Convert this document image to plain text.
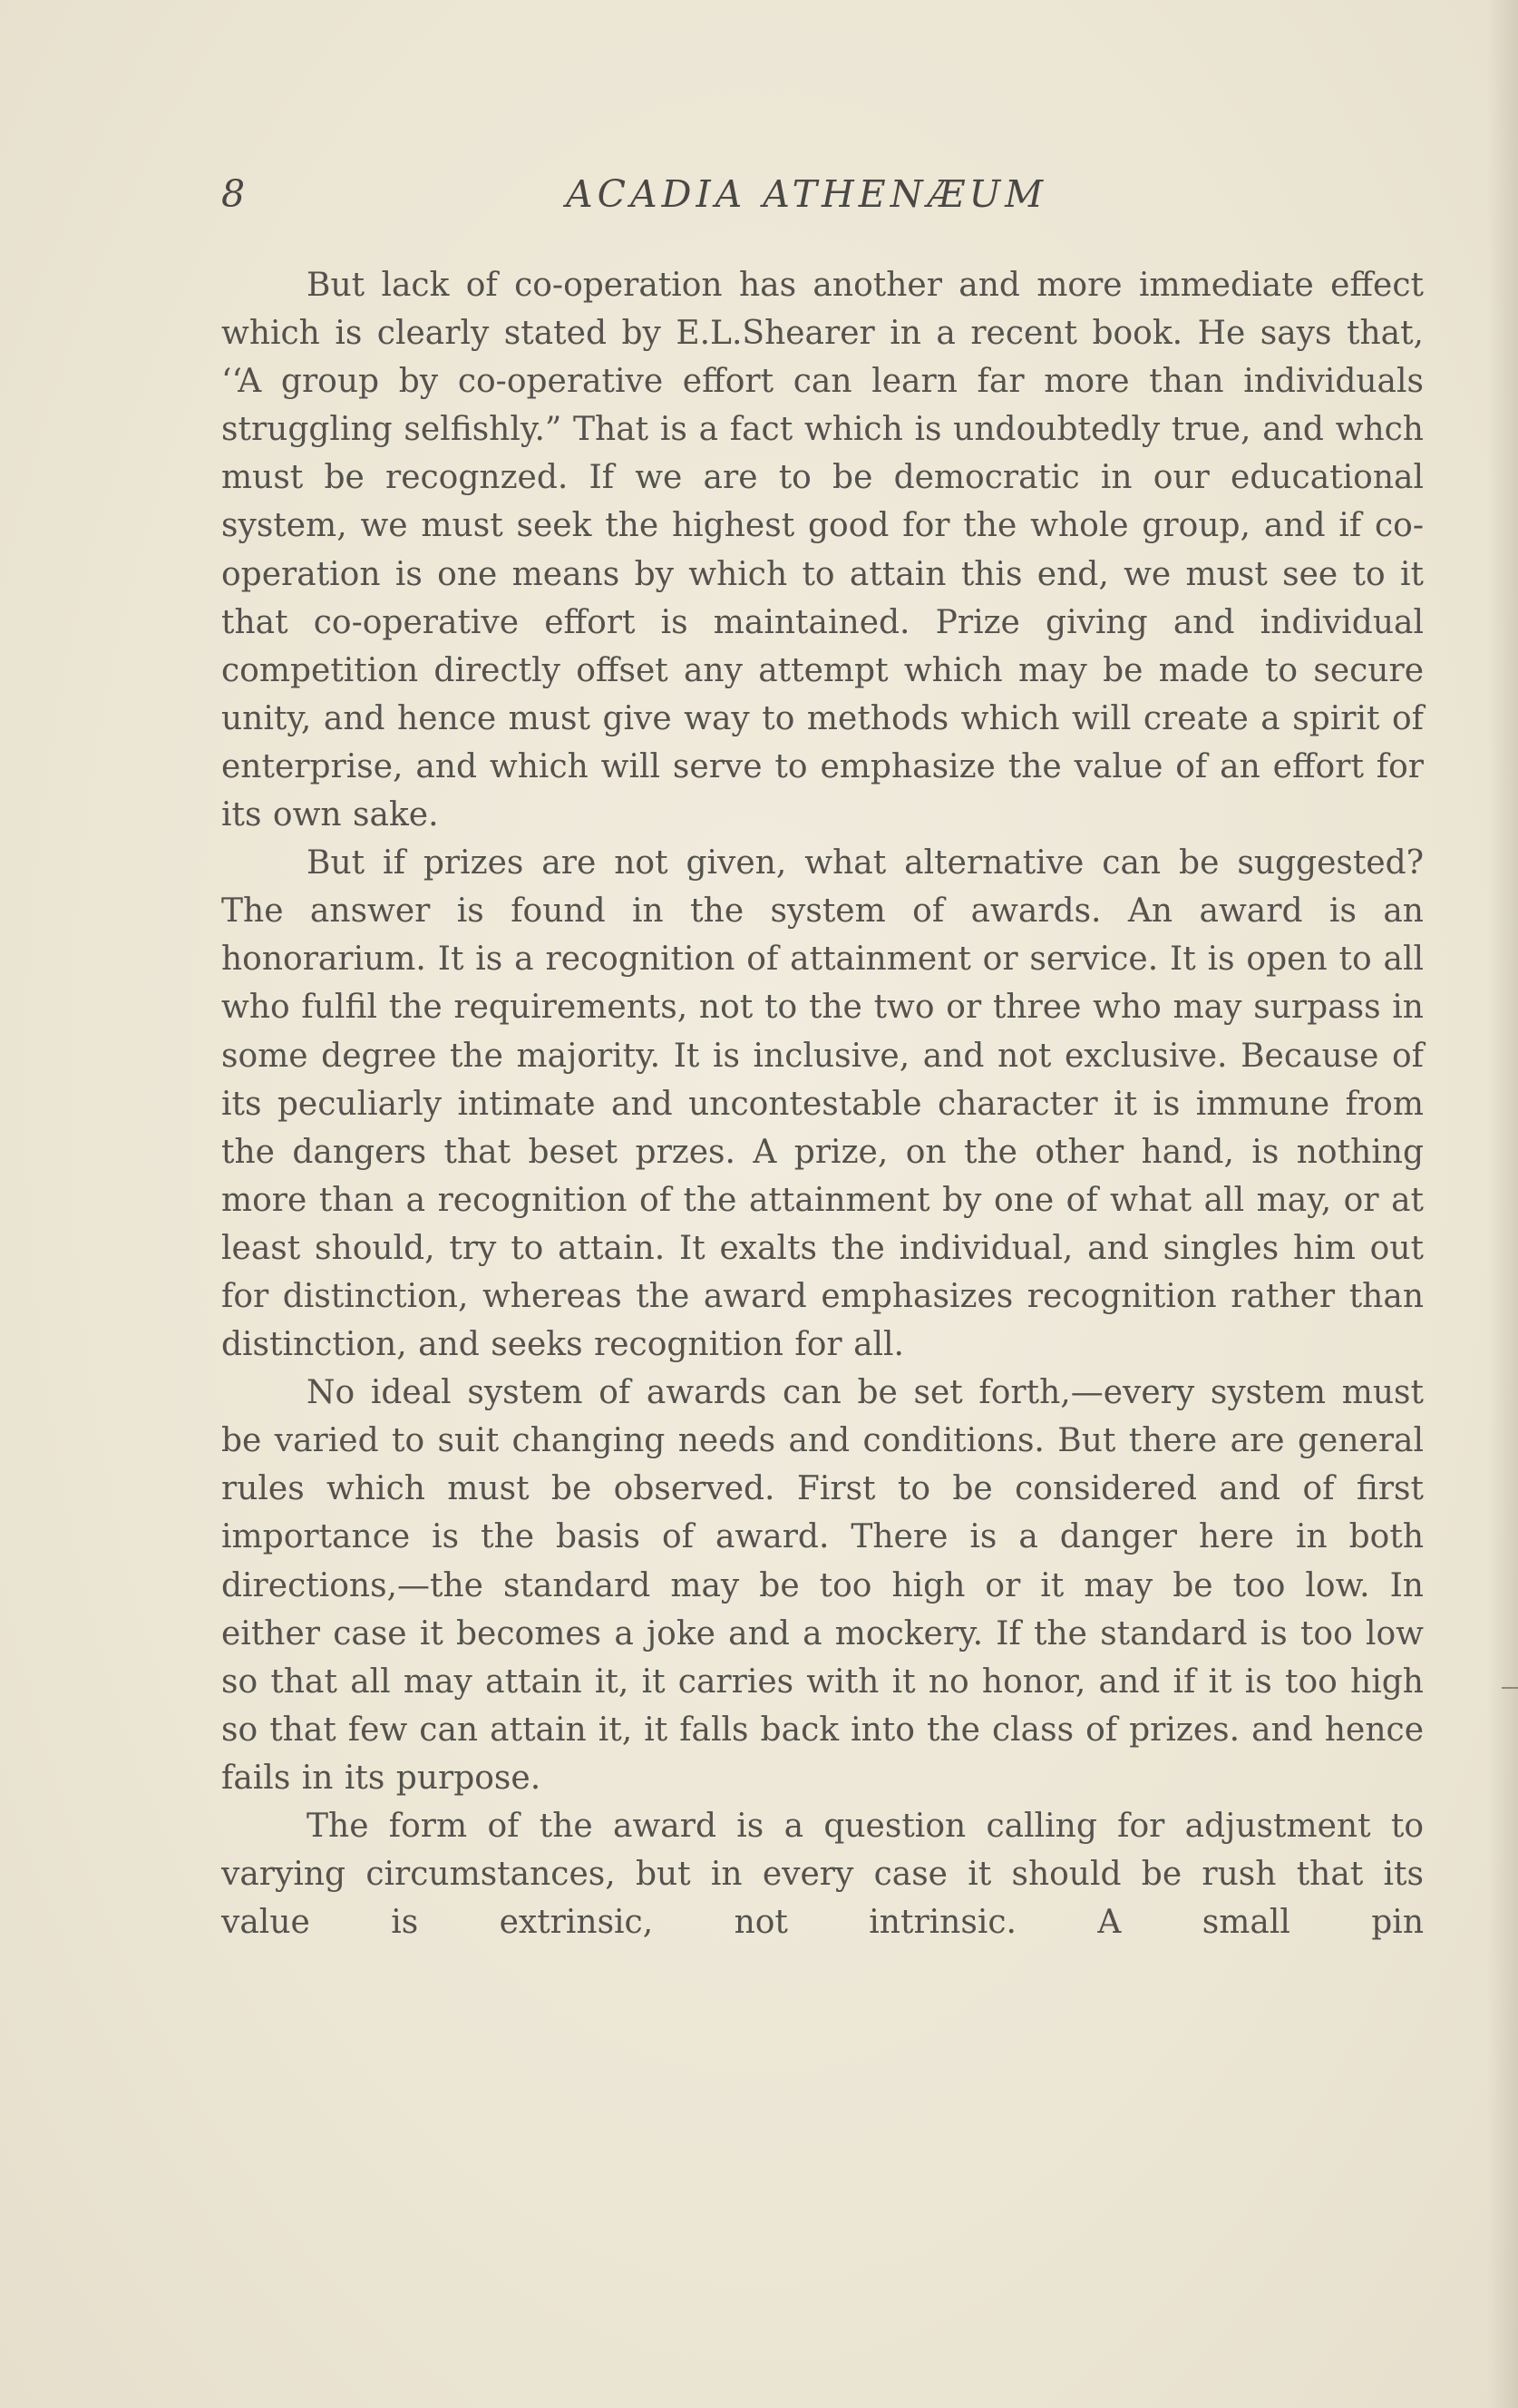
8	ACADIA ATHENÆUM

But lack of co-operation has another and more immediate effect which is clearly stated by E.L.Shearer in a recent book. He says that, ‘‘A group by co-operative effort can learn far more than individuals struggling selfishly.” That is a fact which is undoubtedly true, and whch must be recognzed. If we are to be democratic in our educational system, we must seek the highest good for the whole group, and if co-operation is one means by which to attain this end, we must see to it that co-operative effort is maintained. Prize giving and individual competition directly offset any attempt which may be made to secure unity, and hence must give way to methods which will create a spirit of enterprise, and which will serve to emphasize the value of an effort for its own sake.

But if prizes are not given, what alternative can be suggested? The answer is found in the system of awards. An award is an honorarium. It is a recognition of attainment or service. It is open to all who fulfil the requirements, not to the two or three who may surpass in some degree the majority. It is inclusive, and not exclusive. Because of its peculiarly intimate and uncontestable character it is immune from the dangers that beset przes. A prize, on the other hand, is nothing more than a recognition of the attainment by one of what all may, or at least should, try to attain. It exalts the individual, and singles him out for distinction, whereas the award emphasizes recognition rather than distinction, and seeks recognition for all.

No ideal system of awards can be set forth,—every system must be varied to suit changing needs and conditions. But there are general rules which must be observed. First to be considered and of first importance is the basis of award. There is a danger here in both directions,—the standard may be too high or it may be too low. In either case it becomes a joke and a mockery. If the standard is too low so that all may attain it, it carries with it no honor, and if it is too high so that few can attain it, it falls back into the class of prizes. and hence fails in its purpose.

The form of the award is a question calling for adjustment to varying circumstances, but in every case it should be rush that its value is extrinsic, not intrinsic. A small pin
